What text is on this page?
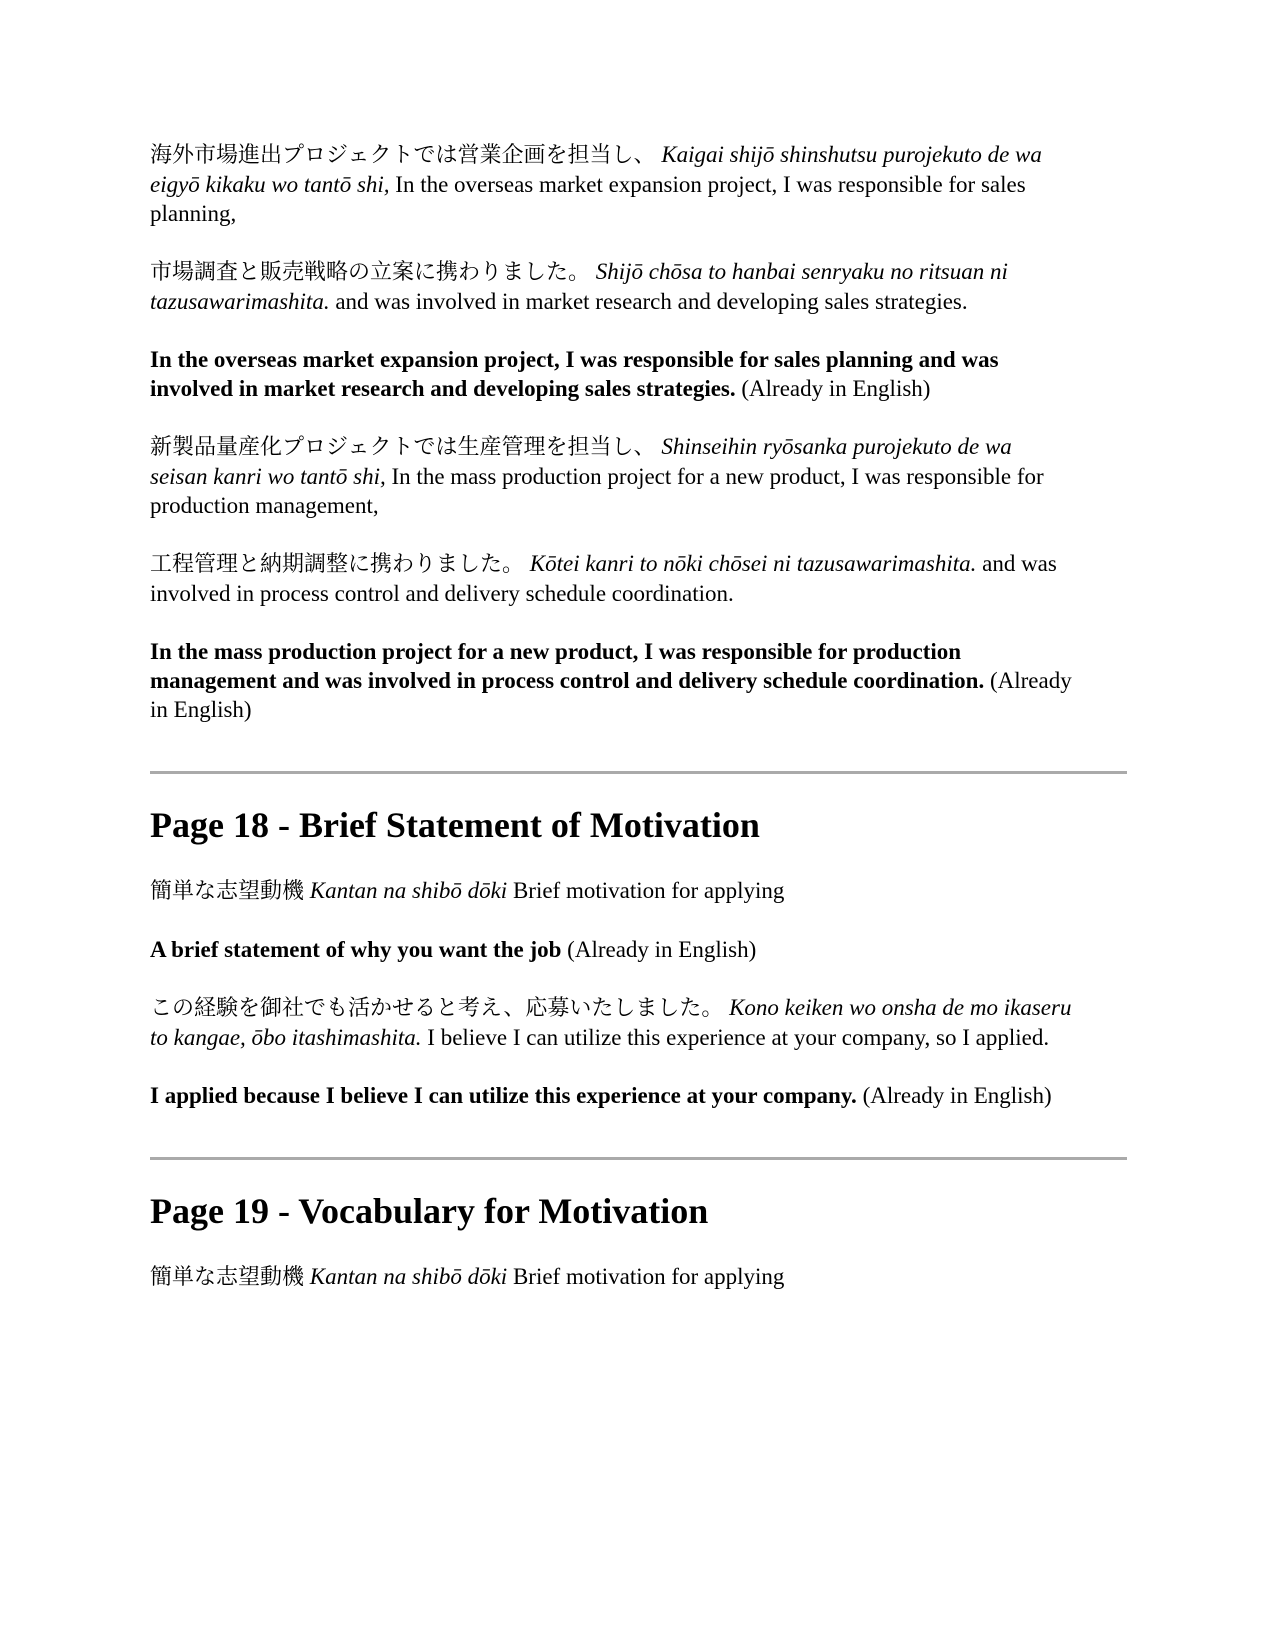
海外市場進出プロジェクトでは営業企画を担当し、 Kaigai shijō shinshutsu purojekuto de wa eigyō kikaku wo tantō shi, In the overseas market expansion project, I was responsible for sales planning,

市場調査と販売戦略の立案に携わりました。 Shijō chōsa to hanbai senryaku no ritsuan ni tazusawarimashita. and was involved in market research and developing sales strategies.

In the overseas market expansion project, I was responsible for sales planning and was involved in market research and developing sales strategies. (Already in English)

新製品量産化プロジェクトでは生産管理を担当し、 Shinseihin ryōsanka purojekuto de wa seisan kanri wo tantō shi, In the mass production project for a new product, I was responsible for production management,

工程管理と納期調整に携わりました。 Kōtei kanri to nōki chōsei ni tazusawarimashita. and was involved in process control and delivery schedule coordination.

In the mass production project for a new product, I was responsible for production management and was involved in process control and delivery schedule coordination. (Already in English)

Page 18 - Brief Statement of Motivation

簡単な志望動機 Kantan na shibō dōki Brief motivation for applying

A brief statement of why you want the job (Already in English)

この経験を御社でも活かせると考え、応募いたしました。 Kono keiken wo onsha de mo ikaseru to kangae, ōbo itashimashita. I believe I can utilize this experience at your company, so I applied.

I applied because I believe I can utilize this experience at your company. (Already in English)

Page 19 - Vocabulary for Motivation

簡単な志望動機 Kantan na shibō dōki Brief motivation for applying
